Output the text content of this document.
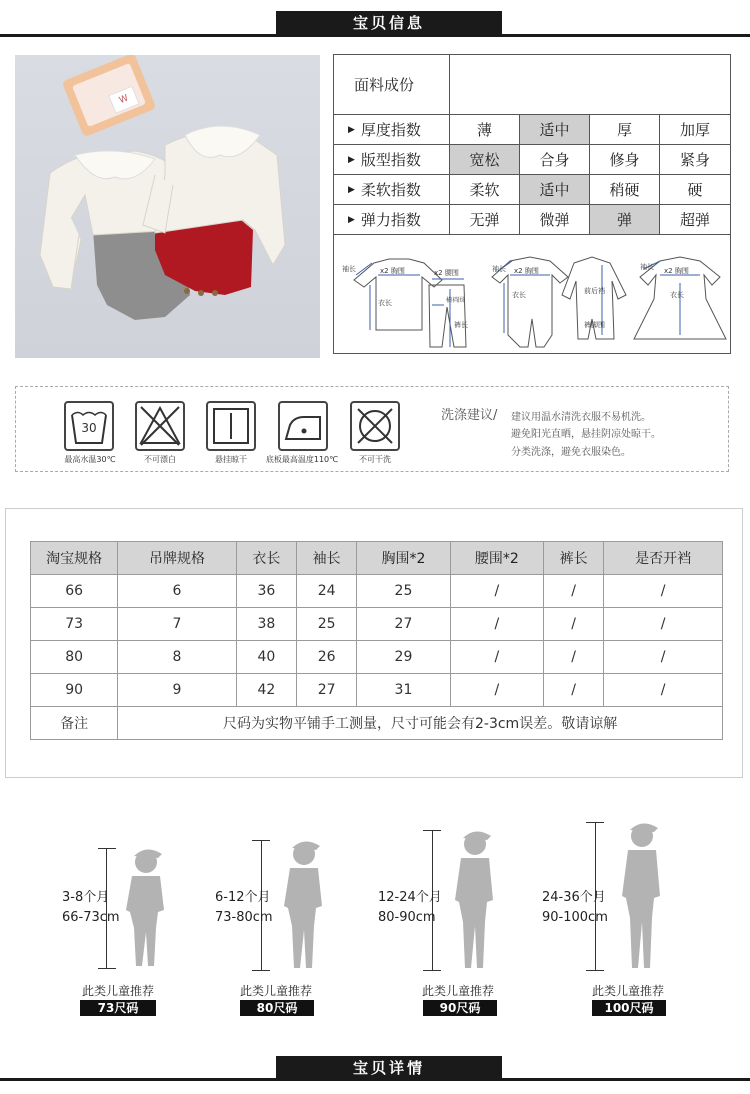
宝贝信息
W
面料成份
▶ 厚度指数	薄	适中	厚	加厚
▶ 版型指数	宽松	合身	修身	紧身
▶ 柔软指数	柔软	适中	稍硬	硬
▶ 弹力指数	无弹	微弹	弹	超弹
袖长	x2 胸围
衣长
x2 腰围
横裆围
裤长
袖长 x2 胸围
衣长	前后裆
裤脚围
袖长 x2 胸围
衣长
30
最高水温30℃	不可漂白	悬挂晾干	底板最高温度110℃	不可干洗
洗涤建议/ 建议用温水清洗衣服不易机洗。
避免阳光直晒，悬挂阴凉处晾干。
分类洗涤，避免衣服染色。
淘宝规格	吊牌规格	衣长	袖长	胸围*2	腰围*2	裤长	是否开裆
66	6	36	24	25	/	/	/
73	7	38	25	27	/	/	/
80	8	40	26	29	/	/	/
90	9	42	27	31	/	/	/
备注	尺码为实物平铺手工测量，尺寸可能会有2-3cm误差。敬请谅解						
3-8个月
66-73cm
此类儿童推荐
73尺码
6-12个月
73-80cm
此类儿童推荐
80尺码
12-24个月
80-90cm
此类儿童推荐
90尺码
24-36个月
90-100cm
此类儿童推荐
100尺码
宝贝详情
